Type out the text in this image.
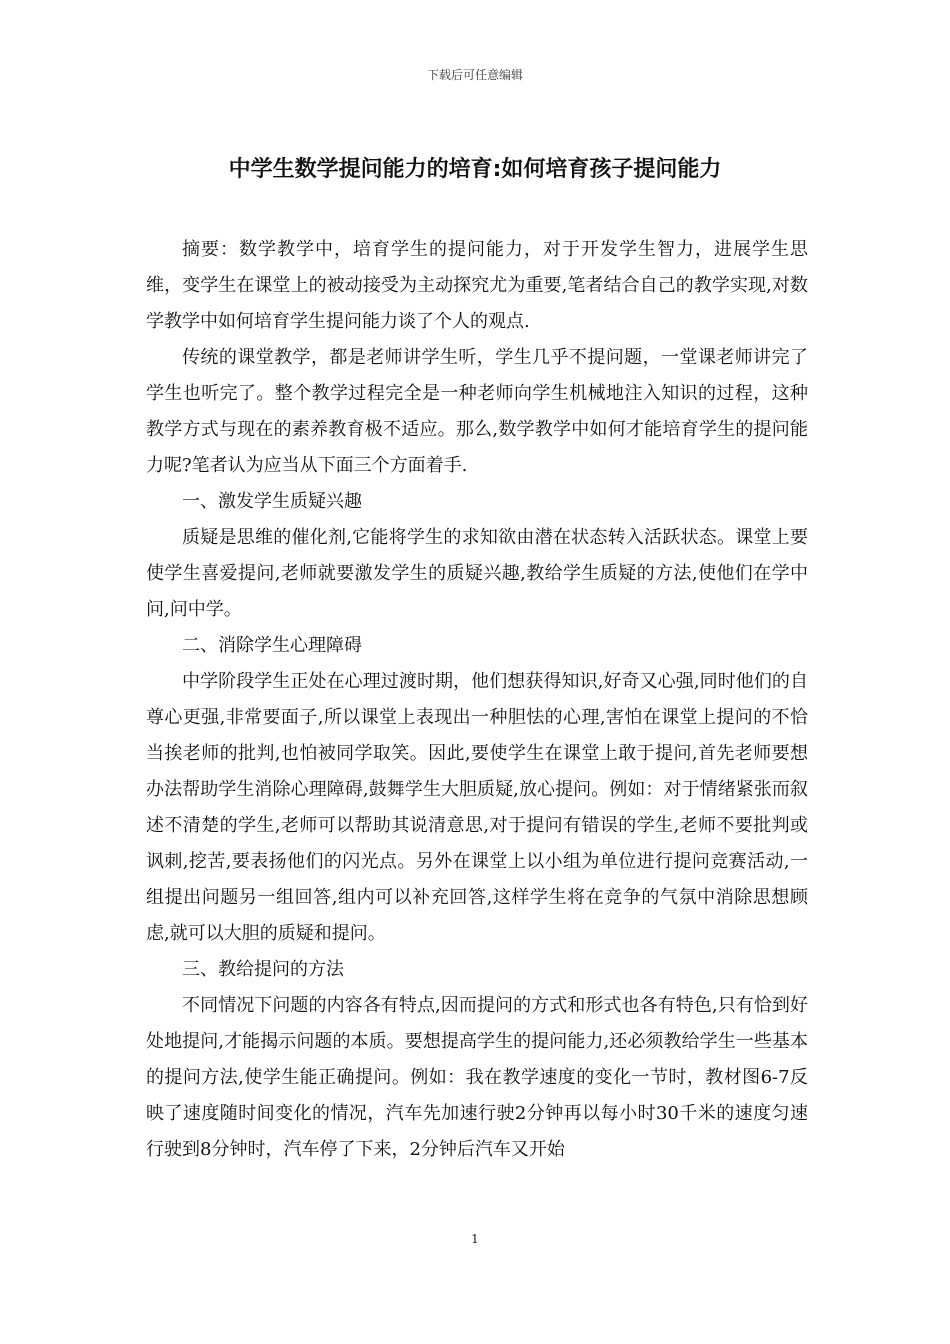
下载后可任意编辑
中学生数学提问能力的培育:如何培育孩子提问能力

摘要：数学教学中，培育学生的提问能力，对于开发学生智力，进展学生思维，变学生在课堂上的被动接受为主动探究尤为重要,笔者结合自己的教学实现,对数学教学中如何培育学生提问能力谈了个人的观点.

传统的课堂教学，都是老师讲学生听，学生几乎不提问题，一堂课老师讲完了学生也听完了。整个教学过程完全是一种老师向学生机械地注入知识的过程，这种教学方式与现在的素养教育极不适应。那么,数学教学中如何才能培育学生的提问能力呢?笔者认为应当从下面三个方面着手.

一、激发学生质疑兴趣

质疑是思维的催化剂,它能将学生的求知欲由潜在状态转入活跃状态。课堂上要使学生喜爱提问,老师就要激发学生的质疑兴趣,教给学生质疑的方法,使他们在学中问,问中学。

二、消除学生心理障碍

中学阶段学生正处在心理过渡时期，他们想获得知识,好奇又心强,同时他们的自尊心更强,非常要面子,所以课堂上表现出一种胆怯的心理,害怕在课堂上提问的不恰当挨老师的批判,也怕被同学取笑。因此,要使学生在课堂上敢于提问,首先老师要想办法帮助学生消除心理障碍,鼓舞学生大胆质疑,放心提问。例如：对于情绪紧张而叙述不清楚的学生,老师可以帮助其说清意思,对于提问有错误的学生,老师不要批判或讽刺,挖苦,要表扬他们的闪光点。另外在课堂上以小组为单位进行提问竞赛活动,一组提出问题另一组回答,组内可以补充回答,这样学生将在竞争的气氛中消除思想顾虑,就可以大胆的质疑和提问。

三、教给提问的方法

不同情况下问题的内容各有特点,因而提问的方式和形式也各有特色,只有恰到好处地提问,才能揭示问题的本质。要想提高学生的提问能力,还必须教给学生一些基本的提问方法,使学生能正确提问。例如：我在教学速度的变化一节时，教材图6-7反映了速度随时间变化的情况，汽车先加速行驶2分钟再以每小时30千米的速度匀速行驶到8分钟时，汽车停了下来，2分钟后汽车又开始

1
